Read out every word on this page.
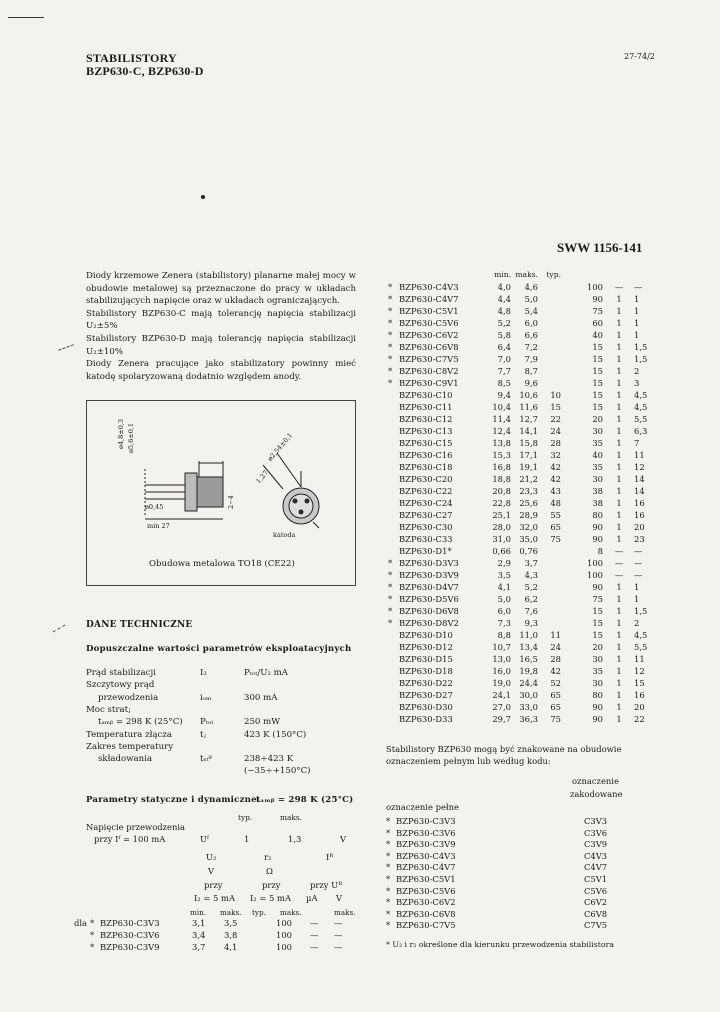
STABILISTORY
BZP630-C, BZP630-D
27-74/2
SWW 1156-141
Diody krzemowe Zenera (stabilistory) planarne małej mocy w obudowie metalowej są przeznaczone do pracy w układach stabilizujących napięcie oraz w układach ograniczających.
Stabilistory BZP630-C mają tolerancję napięcia stabilizacji U₂±5%
Stabilistory BZP630-D mają tolerancję napięcia stabilizacji U₂±10%
Diody Zenera pracujące jako stabilizatory powinny mieć katodę spolaryzowaną dodatnio względem anody.
ø4,8±0,3 ø5,6±0,1
ø0,45
min 27
2−4
1,27
ø2,54±0,1
katoda
Obudowa metalowa TO18 (CE22)
DANE TECHNICZNE
Dopuszczalne wartości parametrów eksploatacyjnych
Prąd stabilizacji	I₂	Pₜₒₜ/U₂ mA
Szczytowy prąd
przewodzenia	iₒₘ	300 mA
Moc strat;
tₐₘᵦ = 298 K (25°C) Pₜₒₜ	250 mW
Temperatura złącza	tⱼ	423 K (150°C)
Zakres temperatury
składowania	tₛₜᵍ	238÷423 K
(−35÷+150°C)
Parametry statyczne i dynamiczne:
tₐₘᵦ = 298 K (25°C)
typ.	maks.
Napięcie przewodzenia
przy Iᶠ = 100 mA	Uᶠ	1	1,3	V
U₂	r₂	Iᴿ
V	Ω
przy	przy	przy Uᴿ
I₂ = 5 mA I₂ = 5 mA µA V
min. maks. typ. maks.	maks.
dla * BZP630-C3V3	3,1 3,5	100 — —
* BZP630-C3V6	3,4 3,8	100 — —
* BZP630-C3V9	3,7 4,1	100 — —
min. maks.	typ.
* BZP630-C4V3	4,0	4,6	100 — —
* BZP630-C4V7	4,4	5,0	90	1	1
* BZP630-C5V1	4,8	5,4	75	1	1
* BZP630-C5V6	5,2	6,0	60	1	1
* BZP630-C6V2	5,8	6,6	40	1	1
* BZP630-C6V8	6,4	7,2	15	1	1,5
* BZP630-C7V5	7,0	7,9	15	1	1,5
* BZP630-C8V2	7,7	8,7	15	1	2
* BZP630-C9V1	8,5	9,6	15	1	3
BZP630-C10	9,4 10,6	10	15	1	4,5
BZP630-C11	10,4 11,6	15	15	1	4,5
BZP630-C12	11,4 12,7	22	20	1	5,5
BZP630-C13	12,4 14,1	24	30	1	6,3
BZP630-C15	13,8 15,8	28	35	1	7
BZP630-C16	15,3 17,1	32	40	1	11
BZP630-C18	16,8 19,1	42	35	1	12
BZP630-C20	18,8 21,2	42	30	1	14
BZP630-C22	20,8 23,3	43	38	1	14
BZP630-C24	22,8 25,6	48	38	1	16
BZP630-C27	25,1 28,9	55	80	1	16
BZP630-C30	28,0 32,0	65	90	1	20
BZP630-C33	31,0 35,0	75	90	1	23
BZP630-D1*	0,66 0,76	8 — —
* BZP630-D3V3	2,9	3,7	100 — —
* BZP630-D3V9	3,5	4,3	100 — —
* BZP630-D4V7	4,1	5,2	90	1	1
* BZP630-D5V6	5,0	6,2	75	1	1
* BZP630-D6V8	6,0	7,6	15	1	1,5
* BZP630-D8V2	7,3	9,3	15	1	2
BZP630-D10	8,8 11,0	11	15	1	4,5
BZP630-D12	10,7 13,4	24	20	1	5,5
BZP630-D15	13,0 16,5	28	30	1	11
BZP630-D18	16,0 19,8	42	35	1	12
BZP630-D22	19,0 24,4	52	30	1	15
BZP630-D27	24,1 30,0	65	80	1	16
BZP630-D30	27,0 33,0	65	90	1	20
BZP630-D33	29,7 36,3	75	90	1	22
Stabilistory BZP630 mogą być znakowane na obudowie
oznaczeniem pełnym lub według kodu:
oznaczenie
zakodowane
oznaczenie pełne
* BZP630-C3V3	C3V3
* BZP630-C3V6	C3V6
* BZP630-C3V9	C3V9
* BZP630-C4V3	C4V3
* BZP630-C4V7	C4V7
* BZP630-C5V1	C5V1
* BZP630-C5V6	C5V6
* BZP630-C6V2	C6V2
* BZP630-C6V8	C6V8
* BZP630-C7V5	C7V5
* U₂ i r₂ określone dla kierunku przewodzenia stabilistora
